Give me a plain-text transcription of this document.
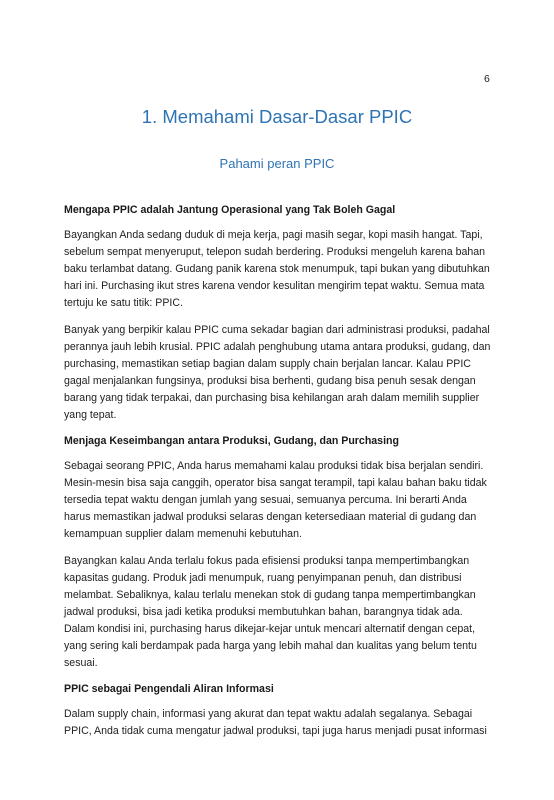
6
1. Memahami Dasar-Dasar PPIC
Pahami peran PPIC
Mengapa PPIC adalah Jantung Operasional yang Tak Boleh Gagal

Bayangkan Anda sedang duduk di meja kerja, pagi masih segar, kopi masih hangat. Tapi, sebelum sempat menyeruput, telepon sudah berdering. Produksi mengeluh karena bahan baku terlambat datang. Gudang panik karena stok menumpuk, tapi bukan yang dibutuhkan hari ini. Purchasing ikut stres karena vendor kesulitan mengirim tepat waktu. Semua mata tertuju ke satu titik: PPIC.

Banyak yang berpikir kalau PPIC cuma sekadar bagian dari administrasi produksi, padahal perannya jauh lebih krusial. PPIC adalah penghubung utama antara produksi, gudang, dan purchasing, memastikan setiap bagian dalam supply chain berjalan lancar. Kalau PPIC gagal menjalankan fungsinya, produksi bisa berhenti, gudang bisa penuh sesak dengan barang yang tidak terpakai, dan purchasing bisa kehilangan arah dalam memilih supplier yang tepat.

Menjaga Keseimbangan antara Produksi, Gudang, dan Purchasing

Sebagai seorang PPIC, Anda harus memahami kalau produksi tidak bisa berjalan sendiri. Mesin-mesin bisa saja canggih, operator bisa sangat terampil, tapi kalau bahan baku tidak tersedia tepat waktu dengan jumlah yang sesuai, semuanya percuma. Ini berarti Anda harus memastikan jadwal produksi selaras dengan ketersediaan material di gudang dan kemampuan supplier dalam memenuhi kebutuhan.

Bayangkan kalau Anda terlalu fokus pada efisiensi produksi tanpa mempertimbangkan kapasitas gudang. Produk jadi menumpuk, ruang penyimpanan penuh, dan distribusi melambat. Sebaliknya, kalau terlalu menekan stok di gudang tanpa mempertimbangkan jadwal produksi, bisa jadi ketika produksi membutuhkan bahan, barangnya tidak ada. Dalam kondisi ini, purchasing harus dikejar-kejar untuk mencari alternatif dengan cepat, yang sering kali berdampak pada harga yang lebih mahal dan kualitas yang belum tentu sesuai.

PPIC sebagai Pengendali Aliran Informasi

Dalam supply chain, informasi yang akurat dan tepat waktu adalah segalanya. Sebagai PPIC, Anda tidak cuma mengatur jadwal produksi, tapi juga harus menjadi pusat informasi
